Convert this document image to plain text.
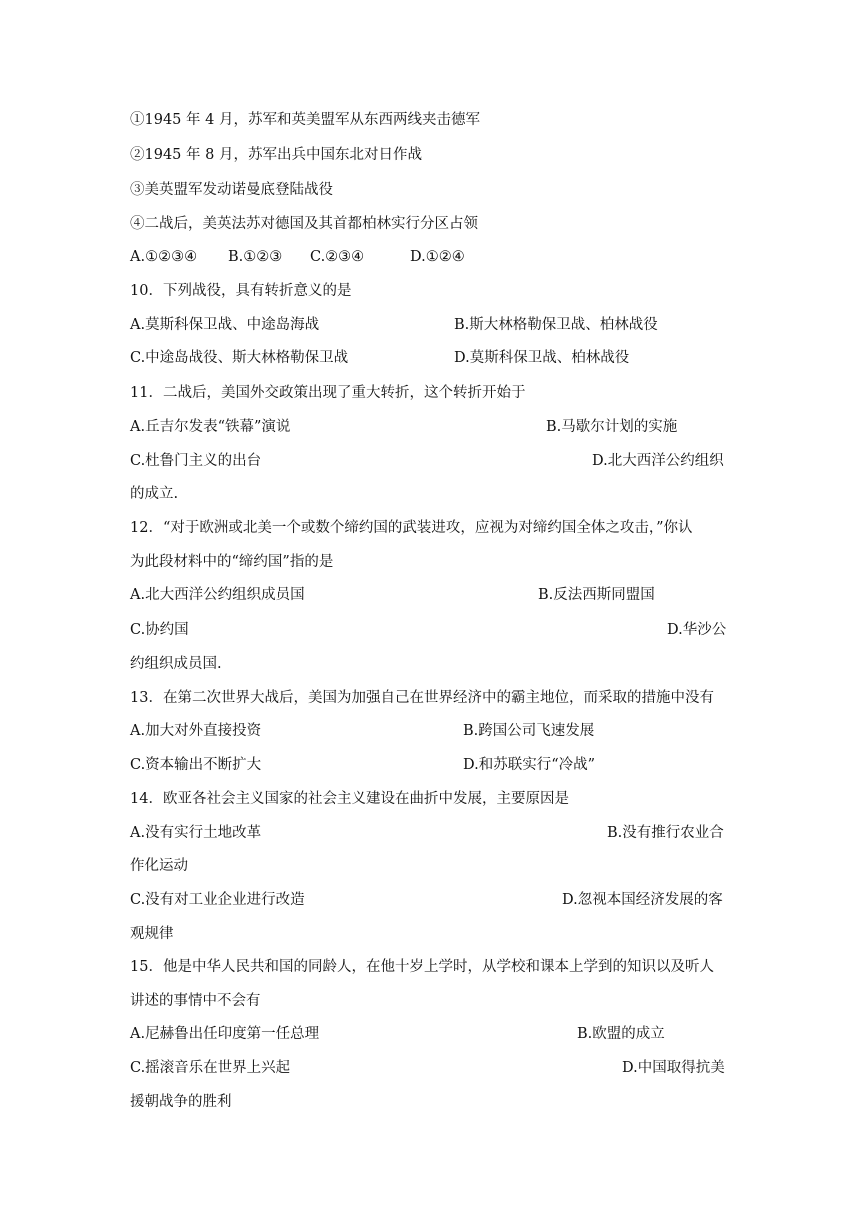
①1945 年 4 月，苏军和英美盟军从东西两线夹击德军
②1945 年 8 月，苏军出兵中国东北对日作战
③美英盟军发动诺曼底登陆战役
④二战后，美英法苏对德国及其首都柏林实行分区占领
A.①②③④ B.①②③ C.②③④	D.①②④
10．下列战役，具有转折意义的是
A.莫斯科保卫战、中途岛海战	B.斯大林格勒保卫战、柏林战役
C.中途岛战役、斯大林格勒保卫战	D.莫斯科保卫战、柏林战役
11．二战后，美国外交政策出现了重大转折，这个转折开始于
A.丘吉尔发表“铁幕”演说	B.马歇尔计划的实施
C.杜鲁门主义的出台	D.北大西洋公约组织
的成立.
12．“对于欧洲或北美一个或数个缔约国的武装进攻，应视为对缔约国全体之攻击，”你认
为此段材料中的“缔约国”指的是
A.北大西洋公约组织成员国	B.反法西斯同盟国
C.协约国	D.华沙公
约组织成员国.
13．在第二次世界大战后，美国为加强自己在世界经济中的霸主地位，而采取的措施中没有
A.加大对外直接投资	B.跨国公司飞速发展
C.资本输出不断扩大	D.和苏联实行“冷战”
14．欧亚各社会主义国家的社会主义建设在曲折中发展，主要原因是
A.没有实行土地改革	B.没有推行农业合
作化运动
C.没有对工业企业进行改造	D.忽视本国经济发展的客
观规律
15．他是中华人民共和国的同龄人，在他十岁上学时，从学校和课本上学到的知识以及听人
讲述的事情中不会有
A.尼赫鲁出任印度第一任总理	B.欧盟的成立
C.摇滚音乐在世界上兴起	D.中国取得抗美
援朝战争的胜利
